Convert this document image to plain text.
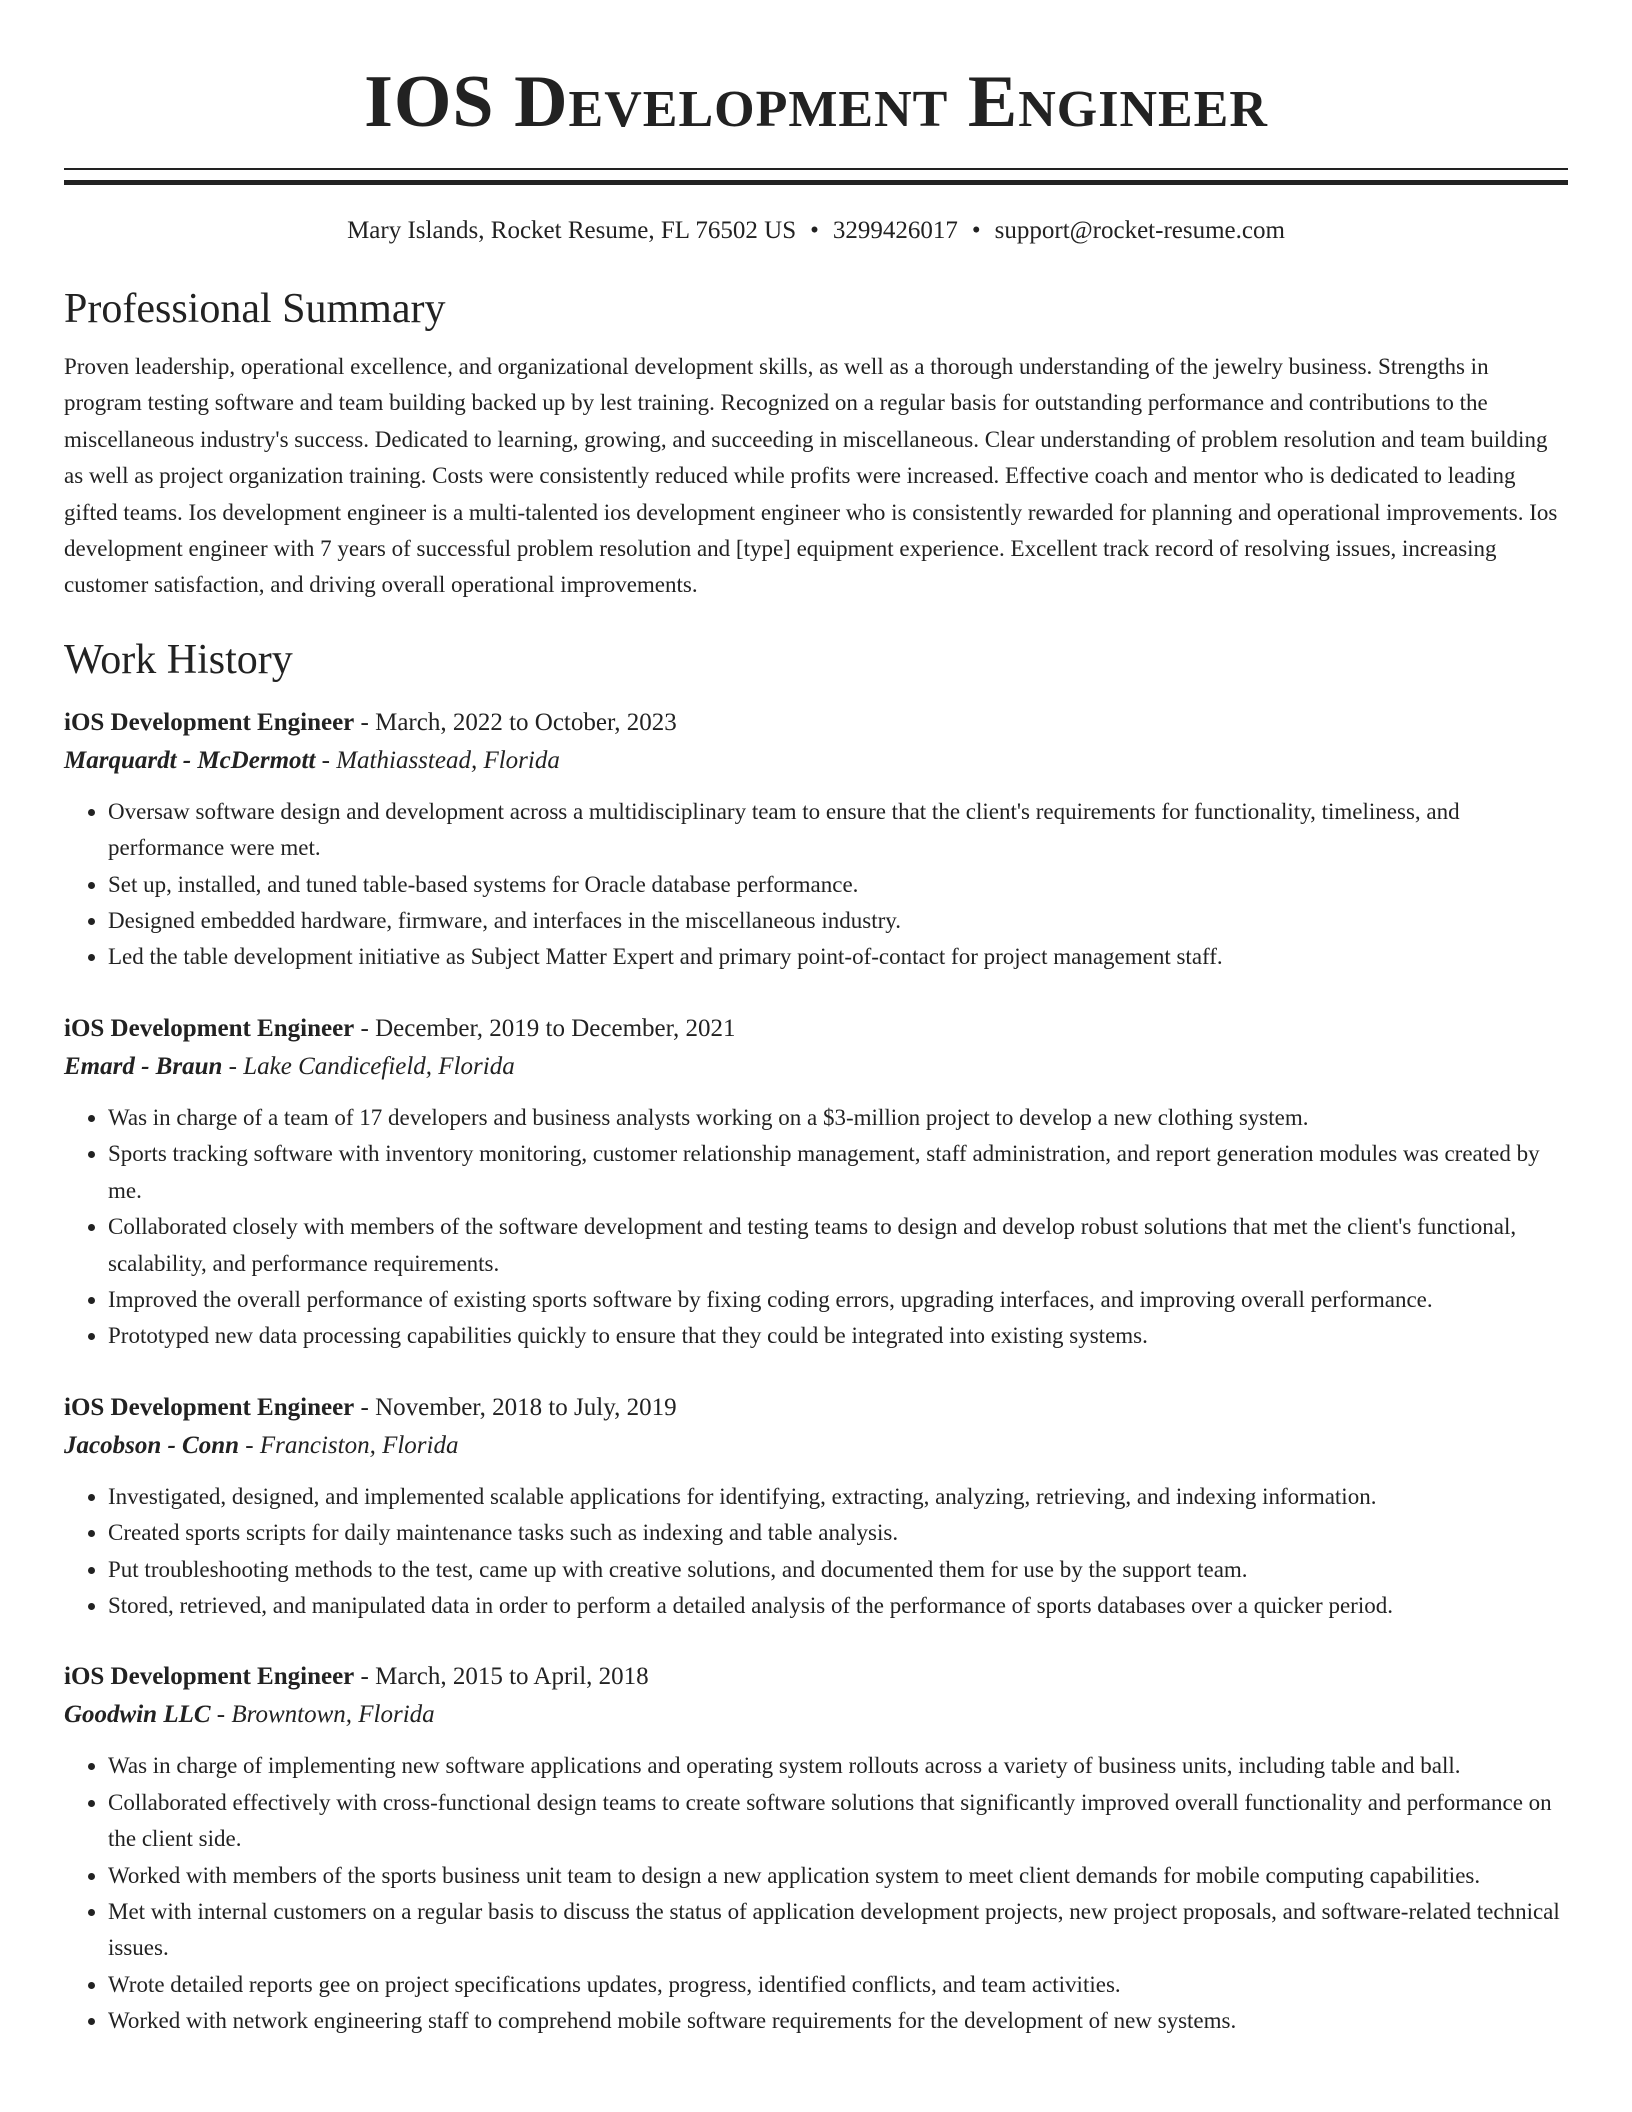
IOS Development Engineer
Mary Islands, Rocket Resume, FL 76502 US • 3299426017 • support@rocket-resume.com
Professional Summary

Proven leadership, operational excellence, and organizational development skills, as well as a thorough understanding of the jewelry business. Strengths in program testing software and team building backed up by lest training. Recognized on a regular basis for outstanding performance and contributions to the miscellaneous industry's success. Dedicated to learning, growing, and succeeding in miscellaneous. Clear understanding of problem resolution and team building as well as project organization training. Costs were consistently reduced while profits were increased. Effective coach and mentor who is dedicated to leading gifted teams. Ios development engineer is a multi-talented ios development engineer who is consistently rewarded for planning and operational improvements. Ios development engineer with 7 years of successful problem resolution and [type] equipment experience. Excellent track record of resolving issues, increasing customer satisfaction, and driving overall operational improvements.

Work History
iOS Development Engineer - March, 2022 to October, 2023
Marquardt - McDermott - Mathiasstead, Florida
• Oversaw software design and development across a multidisciplinary team to ensure that the client's requirements for functionality, timeliness, and performance were met.
• Set up, installed, and tuned table-based systems for Oracle database performance.
• Designed embedded hardware, firmware, and interfaces in the miscellaneous industry.
• Led the table development initiative as Subject Matter Expert and primary point-of-contact for project management staff.
iOS Development Engineer - December, 2019 to December, 2021
Emard - Braun - Lake Candicefield, Florida
• Was in charge of a team of 17 developers and business analysts working on a $3-million project to develop a new clothing system.
• Sports tracking software with inventory monitoring, customer relationship management, staff administration, and report generation modules was created by me.
• Collaborated closely with members of the software development and testing teams to design and develop robust solutions that met the client's functional, scalability, and performance requirements.
• Improved the overall performance of existing sports software by fixing coding errors, upgrading interfaces, and improving overall performance.
• Prototyped new data processing capabilities quickly to ensure that they could be integrated into existing systems.
iOS Development Engineer - November, 2018 to July, 2019
Jacobson - Conn - Franciston, Florida
• Investigated, designed, and implemented scalable applications for identifying, extracting, analyzing, retrieving, and indexing information.
• Created sports scripts for daily maintenance tasks such as indexing and table analysis.
• Put troubleshooting methods to the test, came up with creative solutions, and documented them for use by the support team.
• Stored, retrieved, and manipulated data in order to perform a detailed analysis of the performance of sports databases over a quicker period.
iOS Development Engineer - March, 2015 to April, 2018
Goodwin LLC - Browntown, Florida
• Was in charge of implementing new software applications and operating system rollouts across a variety of business units, including table and ball.
• Collaborated effectively with cross-functional design teams to create software solutions that significantly improved overall functionality and performance on the client side.
• Worked with members of the sports business unit team to design a new application system to meet client demands for mobile computing capabilities.
• Met with internal customers on a regular basis to discuss the status of application development projects, new project proposals, and software-related technical issues.
• Wrote detailed reports gee on project specifications updates, progress, identified conflicts, and team activities.
• Worked with network engineering staff to comprehend mobile software requirements for the development of new systems.
